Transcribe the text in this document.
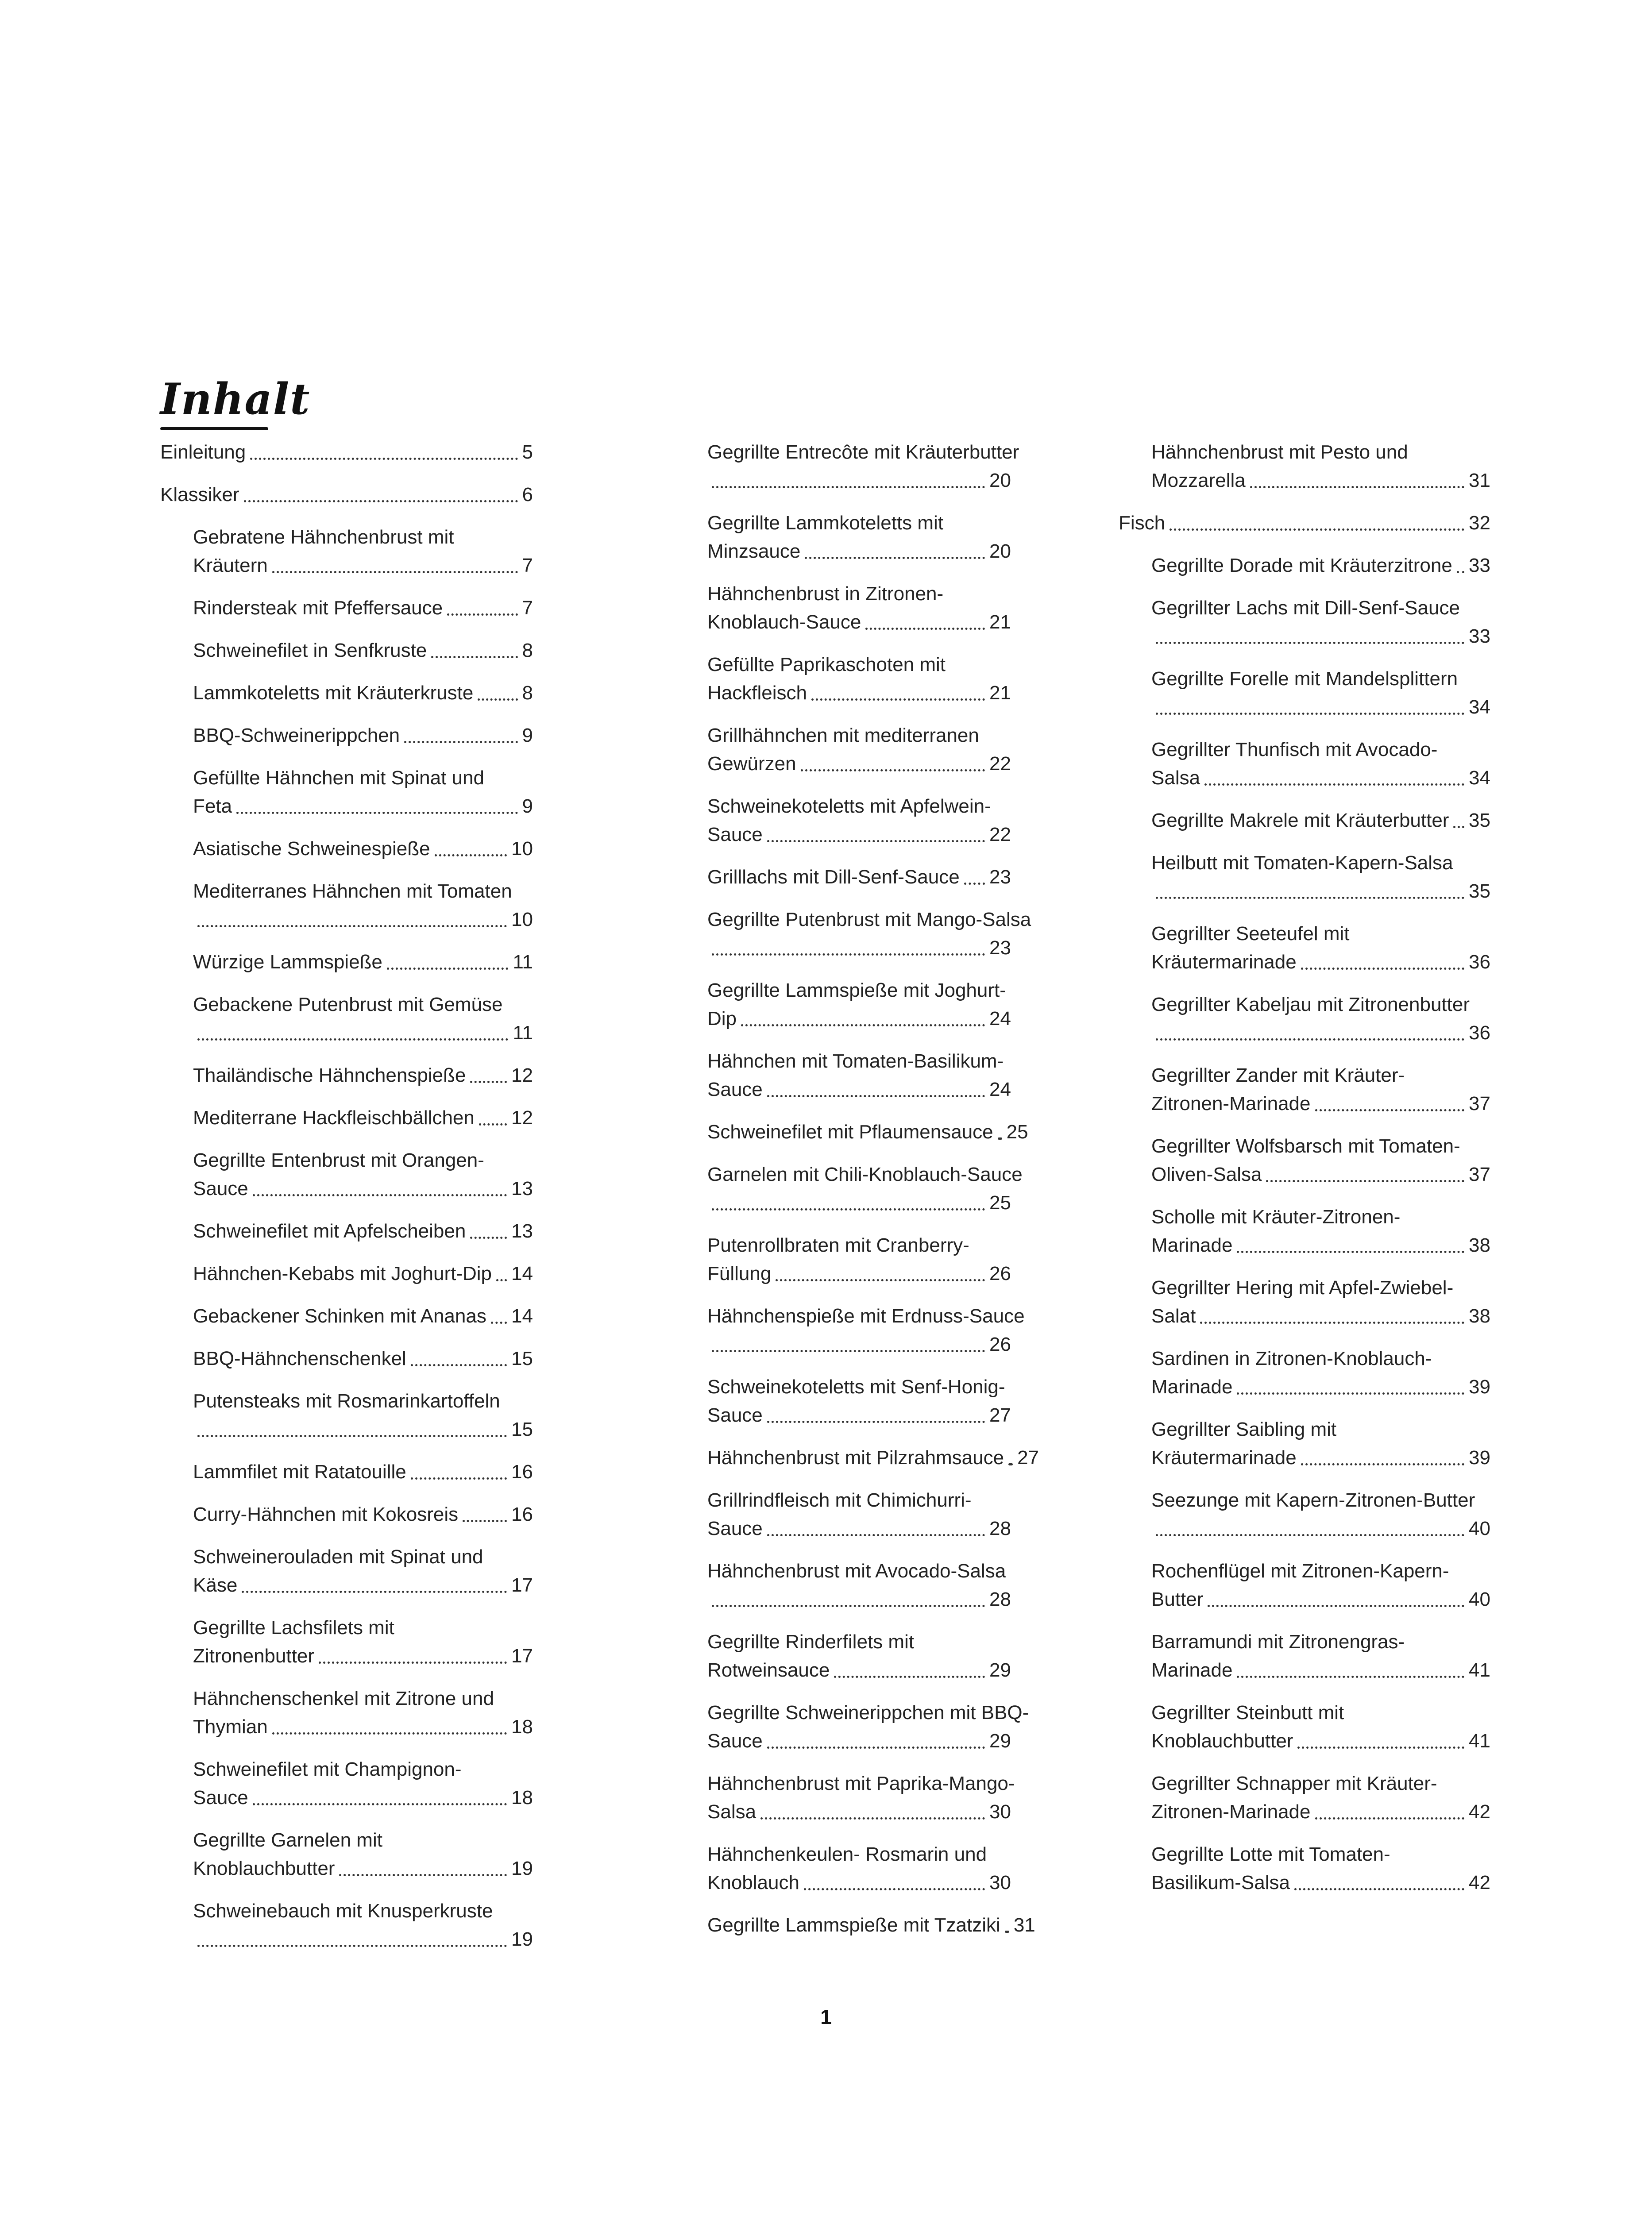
Inhalt
Einleitung	5
Klassiker	6
Gebratene Hähnchenbrust mit
Kräutern	7
Rindersteak mit Pfeffersauce	7
Schweinefilet in Senfkruste	8
Lammkoteletts mit Kräuterkruste	8
BBQ-Schweinerippchen	9
Gefüllte Hähnchen mit Spinat und
Feta	9
Asiatische Schweinespieße	10
Mediterranes Hähnchen mit Tomaten
10
Würzige Lammspieße	11
Gebackene Putenbrust mit Gemüse
11
Thailändische Hähnchenspieße 12
Mediterrane Hackfleischbällchen 12
Gegrillte Entenbrust mit Orangen-
Sauce	13
Schweinefilet mit Apfelscheiben 13
Hähnchen-Kebabs mit Joghurt-Dip 14
Gebackener Schinken mit Ananas 14
BBQ-Hähnchenschenkel	15
Putensteaks mit Rosmarinkartoffeln
15
Lammfilet mit Ratatouille	16
Curry-Hähnchen mit Kokosreis	16
Schweinerouladen mit Spinat und
Käse	17
Gegrillte Lachsfilets mit
Zitronenbutter	17
Hähnchenschenkel mit Zitrone und
Thymian	18
Schweinefilet mit Champignon-
Sauce	18
Gegrillte Garnelen mit
Knoblauchbutter	19
Schweinebauch mit Knusperkruste
19
Gegrillte Entrecôte mit Kräuterbutter
20
Gegrillte Lammkoteletts mit
Minzsauce	20
Hähnchenbrust in Zitronen-
Knoblauch-Sauce	21
Gefüllte Paprikaschoten mit
Hackfleisch	21
Grillhähnchen mit mediterranen
Gewürzen	22
Schweinekoteletts mit Apfelwein-
Sauce	22
Grilllachs mit Dill-Senf-Sauce 23
Gegrillte Putenbrust mit Mango-Salsa
23
Gegrillte Lammspieße mit Joghurt-
Dip	24
Hähnchen mit Tomaten-Basilikum-
Sauce	24
Schweinefilet mit Pflaumensauce 25
Garnelen mit Chili-Knoblauch-Sauce
25
Putenrollbraten mit Cranberry-
Füllung	26
Hähnchenspieße mit Erdnuss-Sauce
26
Schweinekoteletts mit Senf-Honig-
Sauce	27
Hähnchenbrust mit Pilzrahmsauce 27
Grillrindfleisch mit Chimichurri-
Sauce	28
Hähnchenbrust mit Avocado-Salsa
28
Gegrillte Rinderfilets mit
Rotweinsauce	29
Gegrillte Schweinerippchen mit BBQ-
Sauce	29
Hähnchenbrust mit Paprika-Mango-
Salsa	30
Hähnchenkeulen- Rosmarin und
Knoblauch	30
Gegrillte Lammspieße mit Tzatziki 31
Hähnchenbrust mit Pesto und
Mozzarella	31
Fisch	32
Gegrillte Dorade mit Kräuterzitrone 33
Gegrillter Lachs mit Dill-Senf-Sauce
33
Gegrillte Forelle mit Mandelsplittern
34
Gegrillter Thunfisch mit Avocado-
Salsa	34
Gegrillte Makrele mit Kräuterbutter 35
Heilbutt mit Tomaten-Kapern-Salsa
35
Gegrillter Seeteufel mit
Kräutermarinade	36
Gegrillter Kabeljau mit Zitronenbutter
36
Gegrillter Zander mit Kräuter-
Zitronen-Marinade	37
Gegrillter Wolfsbarsch mit Tomaten-
Oliven-Salsa	37
Scholle mit Kräuter-Zitronen-
Marinade	38
Gegrillter Hering mit Apfel-Zwiebel-
Salat	38
Sardinen in Zitronen-Knoblauch-
Marinade	39
Gegrillter Saibling mit
Kräutermarinade	39
Seezunge mit Kapern-Zitronen-Butter
40
Rochenflügel mit Zitronen-Kapern-
Butter	40
Barramundi mit Zitronengras-
Marinade	41
Gegrillter Steinbutt mit
Knoblauchbutter	41
Gegrillter Schnapper mit Kräuter-
Zitronen-Marinade	42
Gegrillte Lotte mit Tomaten-
Basilikum-Salsa	42
1
